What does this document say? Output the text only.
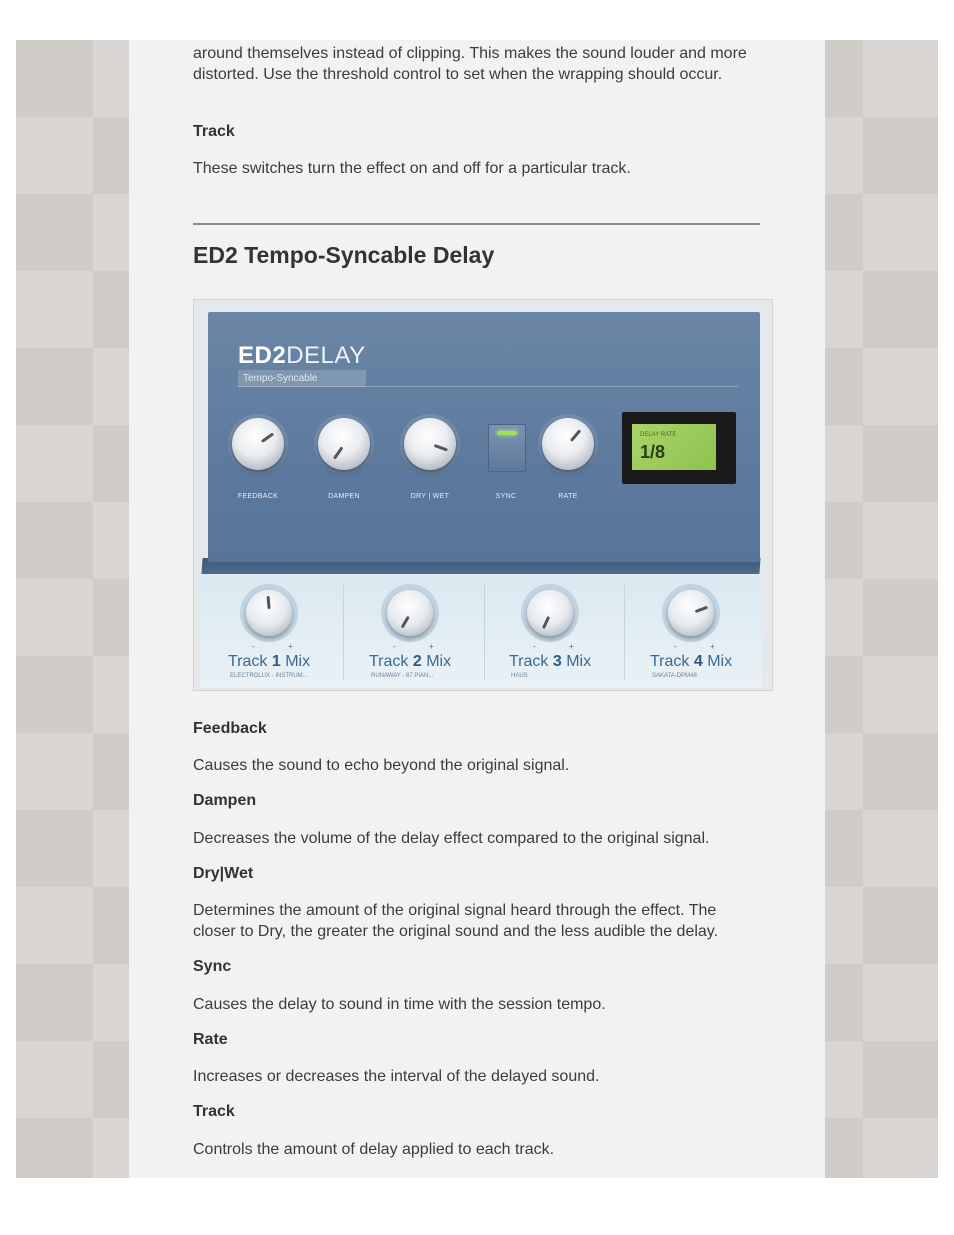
around themselves instead of clipping. This makes the sound louder and more distorted. Use the threshold control to set when the wrapping should occur.

Track

These switches turn the effect on and off for a particular track.

ED2 Tempo-Syncable Delay
ED2DELAY
Tempo-Syncable
FEEDBACK	DAMPEN	DRY | WET	SYNC	RATE
DELAY RATE
1/8
-	+
Track 1 Mix
ELECTROLUX - INSTRUM...
-	+
Track 2 Mix
RUNAWAY - 87 PIAN...
-	+
Track 3 Mix
HAUS
-	+
Track 4 Mix
SAKATA-DPM48
Feedback

Causes the sound to echo beyond the original signal.

Dampen

Decreases the volume of the delay effect compared to the original signal.

Dry|Wet

Determines the amount of the original signal heard through the effect. The closer to Dry, the greater the original sound and the less audible the delay.

Sync

Causes the delay to sound in time with the session tempo.

Rate

Increases or decreases the interval of the delayed sound.

Track

Controls the amount of delay applied to each track.
